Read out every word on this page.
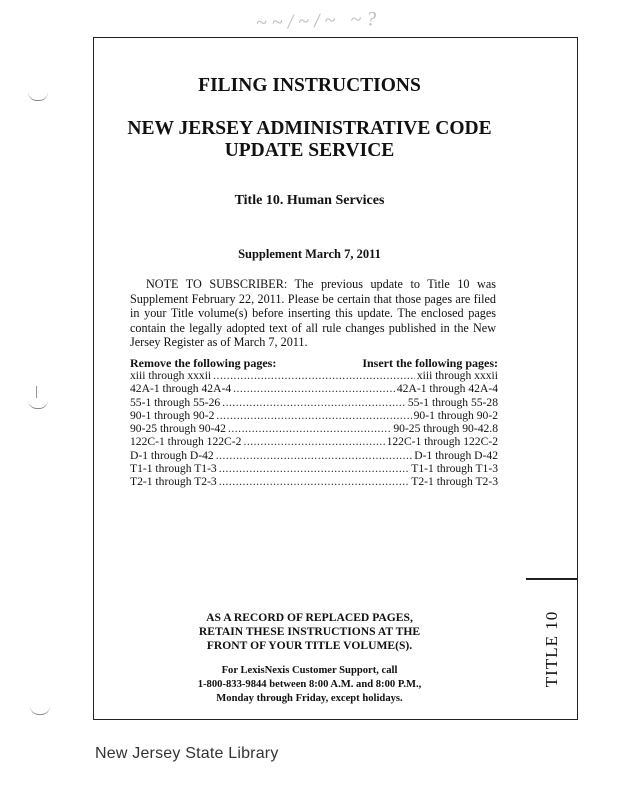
~~/~/~ ~?
TITLE 10
FILING INSTRUCTIONS
NEW JERSEY ADMINISTRATIVE CODE
UPDATE SERVICE
Title 10. Human Services
Supplement March 7, 2011
NOTE TO SUBSCRIBER: The previous update to Title 10 was Supplement February 22, 2011. Please be certain that those pages are filed in your Title volume(s) before inserting this update. The enclosed pages contain the legally adopted text of all rule changes published in the New Jersey Register as of March 7, 2011.
Remove the following pages:	Insert the following pages:
xiii through xxxii .....	xiii through xxxii
42A-1 through 42A-4 .....	42A-1 through 42A-4
55-1 through 55-26 .....	55-1 through 55-28
90-1 through 90-2 .....	90-1 through 90-2
90-25 through 90-42 .....	90-25 through 90-42.8
122C-1 through 122C-2 .....	122C-1 through 122C-2
D-1 through D-42 .....	D-1 through D-42
T1-1 through T1-3 .....	T1-1 through T1-3
T2-1 through T2-3 .....	T2-1 through T2-3
AS A RECORD OF REPLACED PAGES,
RETAIN THESE INSTRUCTIONS AT THE
FRONT OF YOUR TITLE VOLUME(S).
For LexisNexis Customer Support, call
1-800-833-9844 between 8:00 A.M. and 8:00 P.M.,
Monday through Friday, except holidays.
New Jersey State Library
